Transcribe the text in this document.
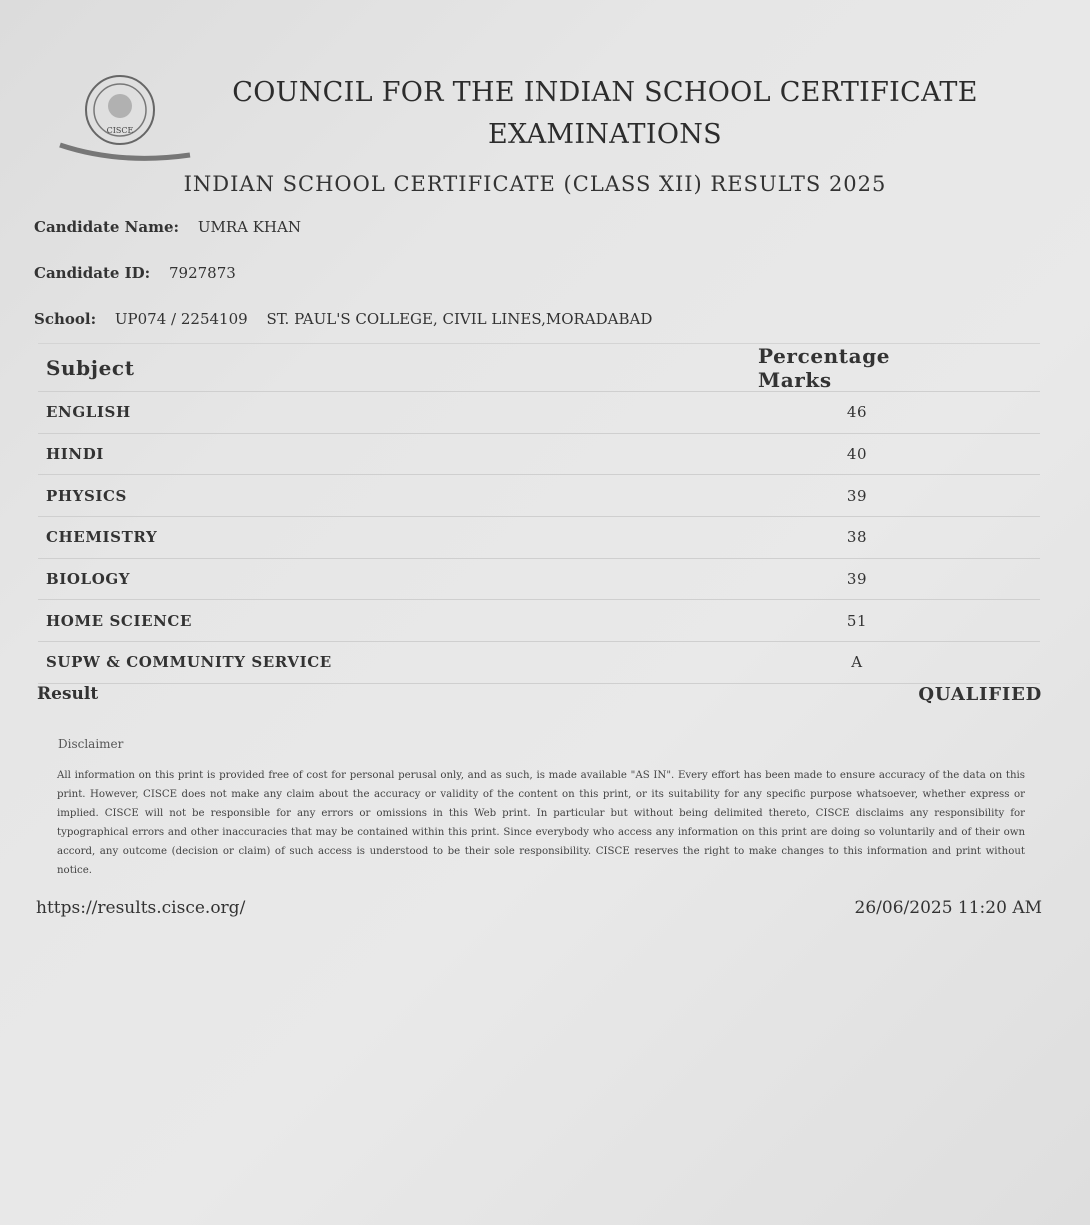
CISCE
COUNCIL FOR THE INDIAN SCHOOL CERTIFICATE EXAMINATIONS
INDIAN SCHOOL CERTIFICATE (CLASS XII) RESULTS 2025
Candidate Name: UMRA KHAN
Candidate ID: 7927873
School: UP074 / 2254109 ST. PAUL'S COLLEGE, CIVIL LINES,MORADABAD
Subject	Percentage Marks
ENGLISH	46
HINDI	40
PHYSICS	39
CHEMISTRY	38
BIOLOGY	39
HOME SCIENCE	51
SUPW & COMMUNITY SERVICE	A
Result	QUALIFIED
Disclaimer
All information on this print is provided free of cost for personal perusal only, and as such, is made available "AS IN". Every effort has been made to ensure accuracy of the data on this print. However, CISCE does not make any claim about the accuracy or validity of the content on this print, or its suitability for any specific purpose whatsoever, whether express or implied. CISCE will not be responsible for any errors or omissions in this Web print. In particular but without being delimited thereto, CISCE disclaims any responsibility for typographical errors and other inaccuracies that may be contained within this print. Since everybody who access any information on this print are doing so voluntarily and of their own accord, any outcome (decision or claim) of such access is understood to be their sole responsibility. CISCE reserves the right to make changes to this information and print without notice.
https://results.cisce.org/	26/06/2025 11:20 AM
